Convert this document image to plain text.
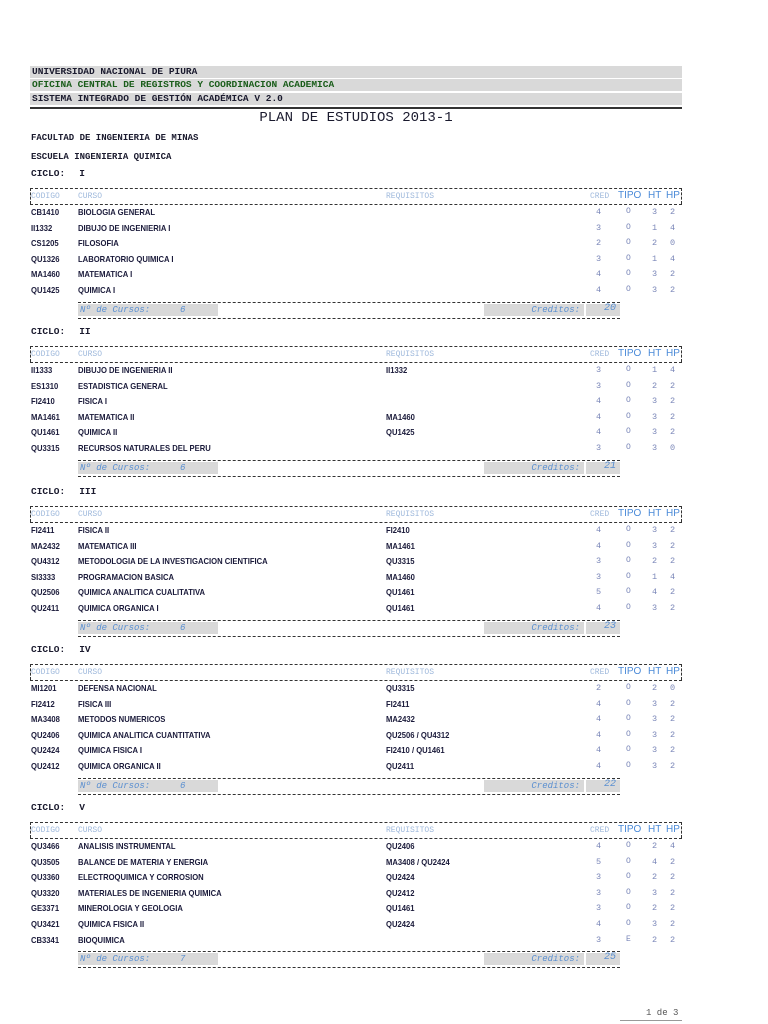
UNIVERSIDAD NACIONAL DE PIURA
OFICINA CENTRAL DE REGISTROS Y COORDINACION ACADEMICA
SISTEMA INTEGRADO DE GESTIÓN ACADÉMICA V 2.0
PLAN DE ESTUDIOS 2013-1
FACULTAD DE INGENIERIA DE MINAS
ESCUELA INGENIERIA QUIMICA
CICLO: I
CODIGO CURSO	REQUISITOS	CRED TIPO HT HP
CB1410 BIOLOGIA GENERAL	4	O 3 2
II1332	DIBUJO DE INGENIERIA I	3	O 1 4
CS1205 FILOSOFIA	2	O 2 0
QU1326 LABORATORIO QUIMICA I	3	O 1 4
MA1460 MATEMATICA I	4	O 3 2
QU1425 QUIMICA I	4	O 3 2
Nº de Cursos:	6	Creditos:	20
CICLO: II
CODIGO CURSO	REQUISITOS	CRED TIPO HT HP
II1333	DIBUJO DE INGENIERIA II	II1332	3	O 1 4
ES1310 ESTADISTICA GENERAL	3	O 2 2
FI2410	FISICA I	4	O 3 2
MA1461 MATEMATICA II	MA1460	4	O 3 2
QU1461 QUIMICA II	QU1425	4	O 3 2
QU3315 RECURSOS NATURALES DEL PERU	3	O 3 0
Nº de Cursos:	6	Creditos:	21
CICLO: III
CODIGO CURSO	REQUISITOS	CRED TIPO HT HP
FI2411	FISICA II	FI2410	4	O 3 2
MA2432 MATEMATICA III	MA1461	4	O 3 2
QU4312 METODOLOGIA DE LA INVESTIGACION CIENTIFICA	QU3315	3	O 2 2
SI3333	PROGRAMACION BASICA	MA1460	3	O 1 4
QU2506 QUIMICA ANALITICA CUALITATIVA	QU1461	5	O 4 2
QU2411 QUIMICA ORGANICA I	QU1461	4	O 3 2
Nº de Cursos:	6	Creditos:	23
CICLO: IV
CODIGO CURSO	REQUISITOS	CRED TIPO HT HP
MI1201	DEFENSA NACIONAL	QU3315	2	O 2 0
FI2412	FISICA III	FI2411	4	O 3 2
MA3408 METODOS NUMERICOS	MA2432	4	O 3 2
QU2406 QUIMICA ANALITICA CUANTITATIVA	QU2506 / QU4312	4	O 3 2
QU2424 QUIMICA FISICA I	FI2410 / QU1461	4	O 3 2
QU2412 QUIMICA ORGANICA II	QU2411	4	O 3 2
Nº de Cursos:	6	Creditos:	22
CICLO: V
CODIGO CURSO	REQUISITOS	CRED TIPO HT HP
QU3466 ANALISIS INSTRUMENTAL	QU2406	4	O 2 4
QU3505 BALANCE DE MATERIA Y ENERGIA	MA3408 / QU2424	5	O 4 2
QU3360 ELECTROQUIMICA Y CORROSION	QU2424	3	O 2 2
QU3320 MATERIALES DE INGENIERIA QUIMICA	QU2412	3	O 3 2
GE3371 MINEROLOGIA Y GEOLOGIA	QU1461	3	O 2 2
QU3421 QUIMICA FISICA II	QU2424	4	O 3 2
CB3341 BIOQUIMICA	3	E 2 2
Nº de Cursos:	7	Creditos:	25
1 de 3
